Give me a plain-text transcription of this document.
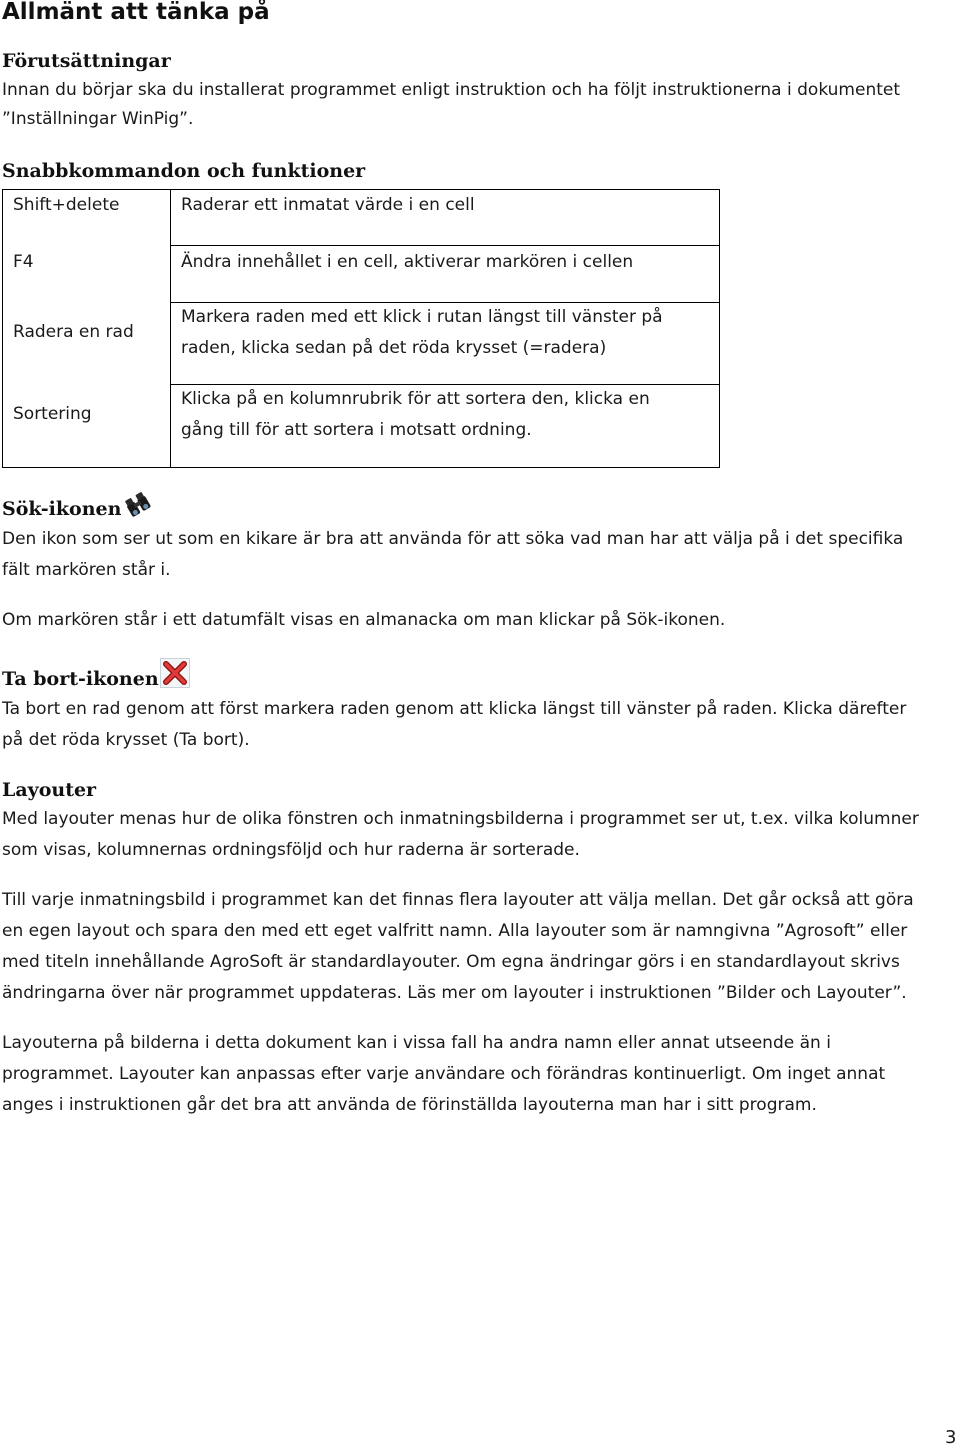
Allmänt att tänka på
Förutsättningar
Innan du börjar ska du installerat programmet enligt instruktion och ha följt instruktionerna i dokumentet
”Inställningar WinPig”.
Snabbkommandon och funktioner
Shift+delete	Raderar ett inmatat värde i en cell
F4	Ändra innehållet i en cell, aktiverar markören i cellen
Radera en rad
Markera raden med ett klick i rutan längst till vänster på
raden, klicka sedan på det röda krysset (=radera)
Sortering
Klicka på en kolumnrubrik för att sortera den, klicka en
gång till för att sortera i motsatt ordning.
Sök-ikonen
Den ikon som ser ut som en kikare är bra att använda för att söka vad man har att välja på i det specifika
fält markören står i.
Om markören står i ett datumfält visas en almanacka om man klickar på Sök-ikonen.
Ta bort-ikonen
Ta bort en rad genom att först markera raden genom att klicka längst till vänster på raden. Klicka därefter
på det röda krysset (Ta bort).
Layouter
Med layouter menas hur de olika fönstren och inmatningsbilderna i programmet ser ut, t.ex. vilka kolumner
som visas, kolumnernas ordningsföljd och hur raderna är sorterade.
Till varje inmatningsbild i programmet kan det finnas flera layouter att välja mellan. Det går också att göra
en egen layout och spara den med ett eget valfritt namn. Alla layouter som är namngivna ”Agrosoft” eller
med titeln innehållande AgroSoft är standardlayouter. Om egna ändringar görs i en standardlayout skrivs
ändringarna över när programmet uppdateras. Läs mer om layouter i instruktionen ”Bilder och Layouter”.
Layouterna på bilderna i detta dokument kan i vissa fall ha andra namn eller annat utseende än i
programmet. Layouter kan anpassas efter varje användare och förändras kontinuerligt. Om inget annat
anges i instruktionen går det bra att använda de förinställda layouterna man har i sitt program.
3
